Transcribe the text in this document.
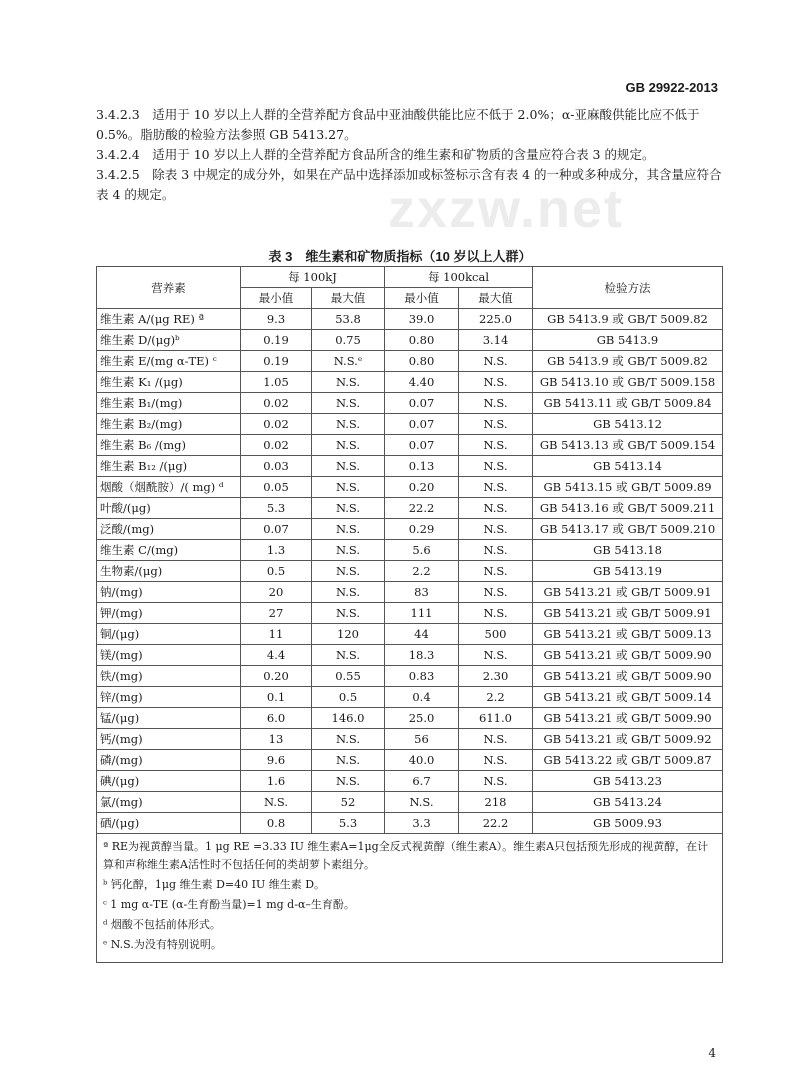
GB 29922-2013

3.4.2.3　适用于 10 岁以上人群的全营养配方食品中亚油酸供能比应不低于 2.0%；α-亚麻酸供能比应不低于 0.5%。脂肪酸的检验方法参照 GB 5413.27。

3.4.2.4　适用于 10 岁以上人群的全营养配方食品所含的维生素和矿物质的含量应符合表 3 的规定。

3.4.2.5　除表 3 中规定的成分外，如果在产品中选择添加或标签标示含有表 4 的一种或多种成分，其含量应符合表 4 的规定。	zxzw.net
表 3　维生素和矿物质指标（10 岁以上人群）
营养素	每 100kJ		每 100kcal		检验方法
	最小值	最大值	最小值	最大值	
维生素 A/(μg RE) ª	9.3	53.8	39.0	225.0	GB 5413.9 或 GB/T 5009.82
维生素 D/(μg)ᵇ	0.19	0.75	0.80	3.14	GB 5413.9
维生素 E/(mg α-TE) ᶜ	0.19	N.S.ᵉ	0.80	N.S.	GB 5413.9 或 GB/T 5009.82
维生素 K₁ /(μg)	1.05	N.S.	4.40	N.S.	GB 5413.10 或 GB/T 5009.158
维生素 B₁/(mg)	0.02	N.S.	0.07	N.S.	GB 5413.11 或 GB/T 5009.84
维生素 B₂/(mg)	0.02	N.S.	0.07	N.S.	GB 5413.12
维生素 B₆ /(mg)	0.02	N.S.	0.07	N.S.	GB 5413.13 或 GB/T 5009.154
维生素 B₁₂ /(μg)	0.03	N.S.	0.13	N.S.	GB 5413.14
烟酸（烟酰胺）/( mg) ᵈ	0.05	N.S.	0.20	N.S.	GB 5413.15 或 GB/T 5009.89
叶酸/(μg)	5.3	N.S.	22.2	N.S.	GB 5413.16 或 GB/T 5009.211
泛酸/(mg)	0.07	N.S.	0.29	N.S.	GB 5413.17 或 GB/T 5009.210
维生素 C/(mg)	1.3	N.S.	5.6	N.S.	GB 5413.18
生物素/(μg)	0.5	N.S.	2.2	N.S.	GB 5413.19
钠/(mg)	20	N.S.	83	N.S.	GB 5413.21 或 GB/T 5009.91
钾/(mg)	27	N.S.	111	N.S.	GB 5413.21 或 GB/T 5009.91
铜/(μg)	11	120	44	500	GB 5413.21 或 GB/T 5009.13
镁/(mg)	4.4	N.S.	18.3	N.S.	GB 5413.21 或 GB/T 5009.90
铁/(mg)	0.20	0.55	0.83	2.30	GB 5413.21 或 GB/T 5009.90
锌/(mg)	0.1	0.5	0.4	2.2	GB 5413.21 或 GB/T 5009.14
锰/(μg)	6.0	146.0	25.0	611.0	GB 5413.21 或 GB/T 5009.90
钙/(mg)	13	N.S.	56	N.S.	GB 5413.21 或 GB/T 5009.92
磷/(mg)	9.6	N.S.	40.0	N.S.	GB 5413.22 或 GB/T 5009.87
碘/(μg)	1.6	N.S.	6.7	N.S.	GB 5413.23
氯/(mg)	N.S.	52	N.S.	218	GB 5413.24
硒/(μg)	0.8	5.3	3.3	22.2	GB 5009.93

ª RE为视黄醇当量。1 μg RE =3.33 IU 维生素A=1μg全反式视黄醇（维生素A）。维生素A只包括预先形成的视黄醇，在计算和声称维生素A活性时不包括任何的类胡萝卜素组分。

ᵇ 钙化醇，1μg 维生素 D=40 IU 维生素 D。

ᶜ 1 mg α-TE (α-生育酚当量)=1 mg d-α–生育酚。

ᵈ 烟酸不包括前体形式。

ᵉ N.S.为没有特别说明。					

4
